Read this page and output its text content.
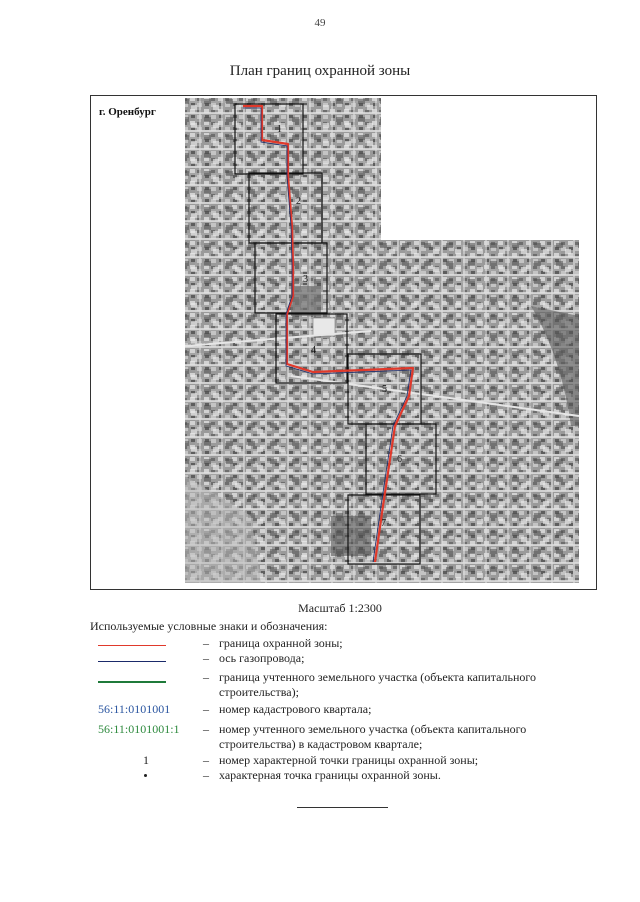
49
План границ охранной зоны
1
2
3
4
5
6
7
г. Оренбург
Масштаб 1:2300
Используемые условные знаки и обозначения:
– граница охранной зоны;
– ось газопровода;
– граница учтенного земельного участка (объекта капитального строительства);
56:11:0101001	– номер кадастрового квартала;
56:11:0101001:1 – номер учтенного земельного участка (объекта капитального строительства) в кадастровом квартале;
1	– номер характерной точки границы охранной зоны;
– характерная точка границы охранной зоны.
